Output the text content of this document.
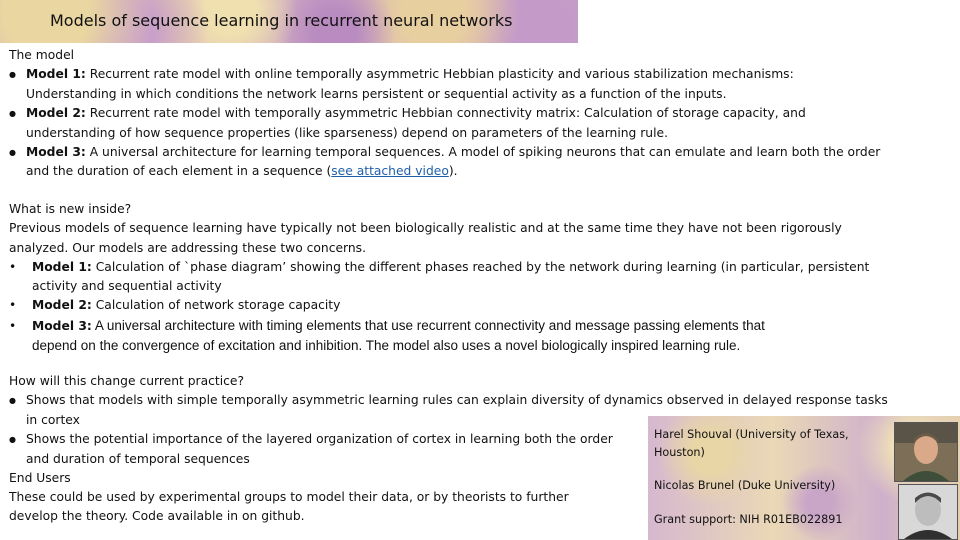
Models of sequence learning in recurrent neural networks
The model
● Model 1: Recurrent rate model with online temporally asymmetric Hebbian plasticity and various stabilization mechanisms:
Understanding in which conditions the network learns persistent or sequential activity as a function of the inputs.
● Model 2: Recurrent rate model with temporally asymmetric Hebbian connectivity matrix: Calculation of storage capacity, and
understanding of how sequence properties (like sparseness) depend on parameters of the learning rule.
● Model 3: A universal architecture for learning temporal sequences. A model of spiking neurons that can emulate and learn both the order
and the duration of each element in a sequence (see attached video).
What is new inside?
Previous models of sequence learning have typically not been biologically realistic and at the same time they have not been rigorously
analyzed. Our models are addressing these two concerns.
• Model 1: Calculation of `phase diagram’ showing the different phases reached by the network during learning (in particular, persistent
activity and sequential activity
• Model 2: Calculation of network storage capacity
• Model 3: A universal architecture with timing elements that use recurrent connectivity and message passing elements that
depend on the convergence of excitation and inhibition. The model also uses a novel biologically inspired learning rule.
How will this change current practice?
● Shows that models with simple temporally asymmetric learning rules can explain diversity of dynamics observed in delayed response tasks
in cortex
● Shows the potential importance of the layered organization of cortex in learning both the order
and duration of temporal sequences
End Users
These could be used by experimental groups to model their data, or by theorists to further
develop the theory. Code available in on github.
Harel Shouval (University of Texas,
Houston)
Nicolas Brunel (Duke University)
Grant support: NIH R01EB022891
